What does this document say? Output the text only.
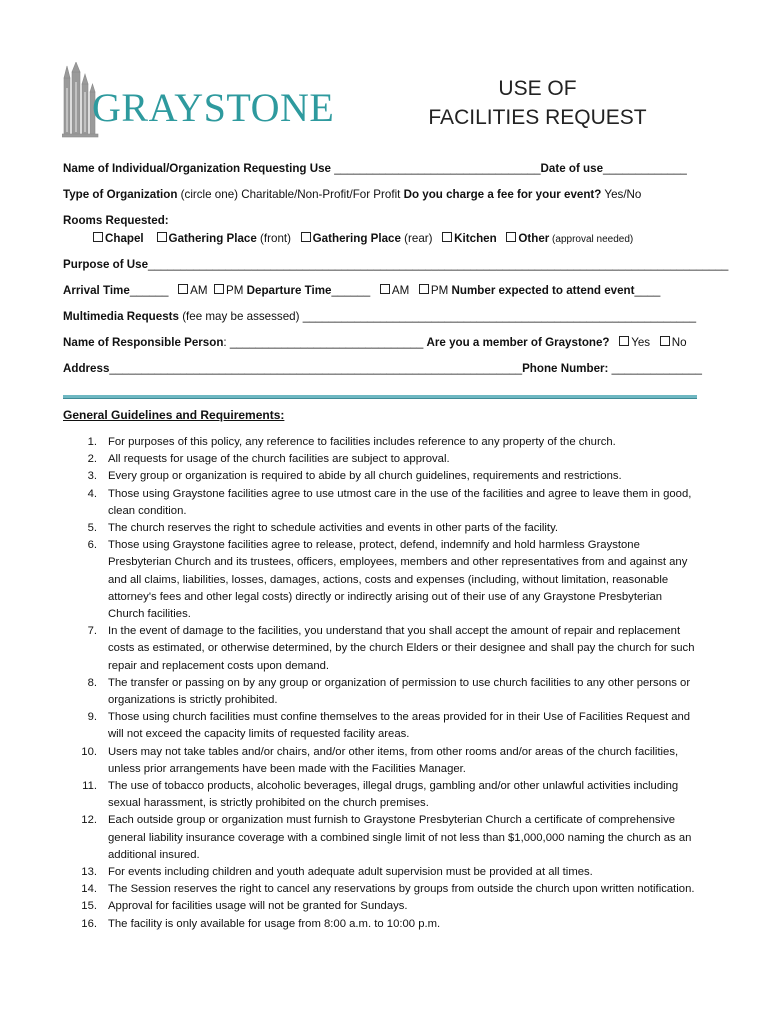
GRAYSTONE	USE OF
FACILITIES REQUEST
Name of Individual/Organization Requesting Use ________________________________Date of use_____________
Type of Organization (circle one) Charitable/Non-Profit/For Profit Do you charge a fee for your event? Yes/No
Rooms Requested:
Chapel Gathering Place (front) Gathering Place (rear) Kitchen Other (approval needed)
Purpose of Use__________________________________________________________________________________________
Arrival Time______ AM PM Departure Time______ AM PM Number expected to attend event____
Multimedia Requests (fee may be assessed) _____________________________________________________________
Name of Responsible Person: ______________________________ Are you a member of Graystone? Yes No
Address________________________________________________________________Phone Number: ______________
General Guidelines and Requirements:
1. For purposes of this policy, any reference to facilities includes reference to any property of the church.
2. All requests for usage of the church facilities are subject to approval.
3. Every group or organization is required to abide by all church guidelines, requirements and restrictions.
4. Those using Graystone facilities agree to use utmost care in the use of the facilities and agree to leave them in good, clean condition.
5. The church reserves the right to schedule activities and events in other parts of the facility.
6. Those using Graystone facilities agree to release, protect, defend, indemnify and hold harmless Graystone Presbyterian Church and its trustees, officers, employees, members and other representatives from and against any and all claims, liabilities, losses, damages, actions, costs and expenses (including, without limitation, reasonable attorney's fees and other legal costs) directly or indirectly arising out of their use of any Graystone Presbyterian Church facilities.
7. In the event of damage to the facilities, you understand that you shall accept the amount of repair and replacement costs as estimated, or otherwise determined, by the church Elders or their designee and shall pay the church for such repair and replacement costs upon demand.
8. The transfer or passing on by any group or organization of permission to use church facilities to any other persons or organizations is strictly prohibited.
9. Those using church facilities must confine themselves to the areas provided for in their Use of Facilities Request and will not exceed the capacity limits of requested facility areas.
10. Users may not take tables and/or chairs, and/or other items, from other rooms and/or areas of the church facilities, unless prior arrangements have been made with the Facilities Manager.
11. The use of tobacco products, alcoholic beverages, illegal drugs, gambling and/or other unlawful activities including sexual harassment, is strictly prohibited on the church premises.
12. Each outside group or organization must furnish to Graystone Presbyterian Church a certificate of comprehensive general liability insurance coverage with a combined single limit of not less than $1,000,000 naming the church as an additional insured.
13. For events including children and youth adequate adult supervision must be provided at all times.
14. The Session reserves the right to cancel any reservations by groups from outside the church upon written notification.
15. Approval for facilities usage will not be granted for Sundays.
16. The facility is only available for usage from 8:00 a.m. to 10:00 p.m.
